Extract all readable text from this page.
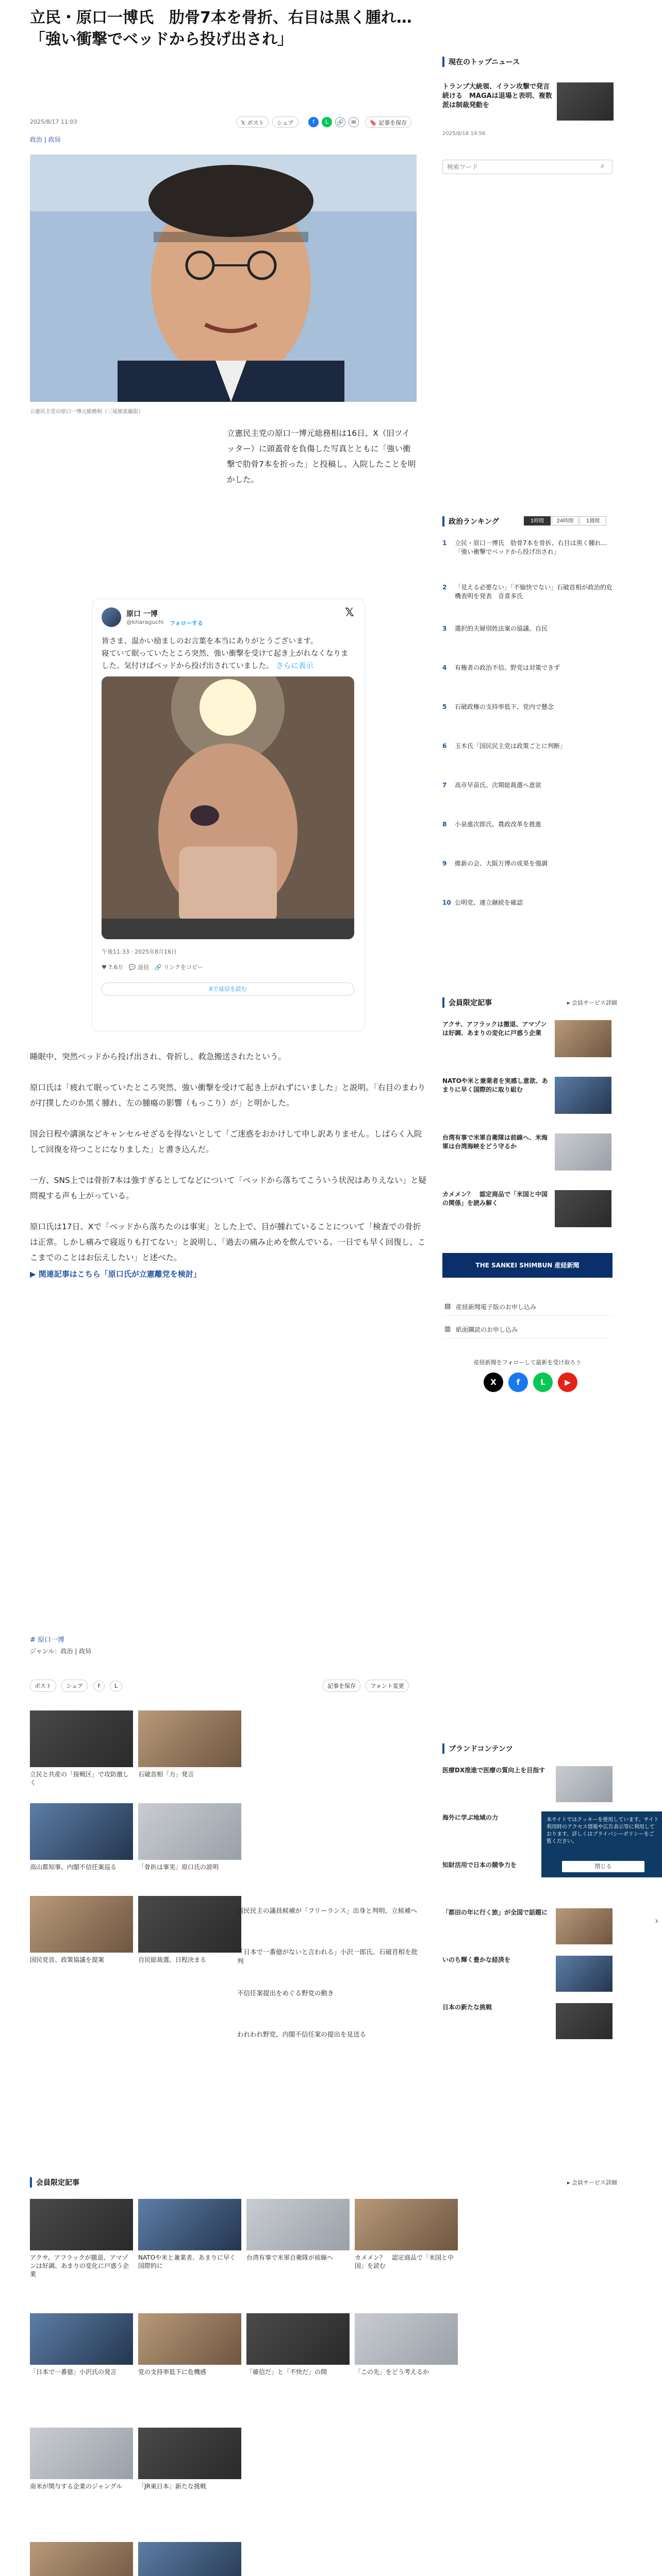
立民・原口一博氏　肋骨7本を骨折、右目は黒く腫れ…「強い衝撃でベッドから投げ出され」
2025/8/17 11:03	𝕏 ポスト	シェア	f	L	🔗	✉	🔖 記事を保存
政治 | 政局
立憲民主党の原口一博元総務相（三尾郁恵撮影）

立憲民主党の原口一博元総務相は16日、X（旧ツイッター）に頭蓋骨を負傷した写真とともに「強い衝撃で肋骨7本を折った」と投稿し、入院したことを明かした。

原口 一博
@kharaguchi フォローする
𝕏
皆さま、温かい励ましのお言葉を本当にありがとうございます。
寝ていて眠っていたところ突然、強い衝撃を受けて起き上がれなくなりました。気付けばベッドから投げ出されていました。 さらに表示
午後11:33 · 2025年8月16日
♥ 7.6万　💬 返信　🔗 リンクをコピー
Xで返信を読む

睡眠中、突然ベッドから投げ出され、骨折し、救急搬送されたという。

原口氏は「疲れて眠っていたところ突然、強い衝撃を受けて起き上がれずにいました」と説明。「右目のまわりが打撲したのか黒く腫れ、左の腫瘍の影響（もっこり）が」と明かした。

国会日程や講演などキャンセルせざるを得ないとして「ご迷惑をおかけして申し訳ありません。しばらく入院して回復を待つことになりました」と書き込んだ。

一方、SNS上では骨折7本は強すぎるとしてなどについて「ベッドから落ちてこういう状況はありえない」と疑問視する声も上がっている。

原口氏は17日、Xで「ベッドから落ちたのは事実」とした上で、目が腫れていることについて「検査での骨折は正常。しかし痛みで寝返りも打てない」と説明し、「過去の痛み止めを飲んでいる。一日でも早く回復し、ここまでのことはお伝えしたい」と述べた。

▶ 関連記事はこちら「原口氏が立憲離党を検討」
現在のトップニュース
トランプ大統領、イラン攻撃で発言続ける　MAGAは退場と表明、複数派は制裁発動を
2025/8/18 14:56
検索ワード
⌕
政治ランキング	1時間	24時間	1週間
1	立民・原口一博氏　肋骨7本を骨折、右目は黒く腫れ…「強い衝撃でベッドから投げ出され」
2	「見える必要ない」「不愉快でない」石破首相が政治的危機表明を発表　音喜多氏
3	選択的夫婦別姓法案の協議、自民
4	有権者の政治不信、野党は対策できず
5	石破政権の支持率低下、党内で懸念
6	玉木氏「国民民主党は政策ごとに判断」
7	高市早苗氏、次期総裁選へ意欲
8	小泉進次郎氏、農政改革を推進
9	維新の会、大阪万博の成果を強調
10 公明党、連立継続を確認
会員限定記事	▸ 会員サービス詳細
アクサ、アフラックは撤退、アマゾンは好調、あまりの変化に戸惑う企業
NATOや米と兼業者を実感し意欲、あまりに早く国際的に取り組む
台湾有事で米軍自衛隊は前線へ、米海軍は台湾海峡をどう守るか
カメメン？　認定商品で「米国と中国の関係」を読み解く
THE SANKEI SHIMBUN 産経新聞
▤ 産経新聞電子版のお申し込み
▥ 紙面購読のお申し込み
産経新聞をフォローして最新を受け取ろう
X	f	L	▶
# 原口一博
ジャンル：政治 | 政局
ポスト	シェア	f	L	記事を保存	フォント変更
立民と共産の「接戦区」で攻防激しく
石破首相「力」発言
高山都知事、内閣不信任案巡る	「骨折は事実」原口氏の説明
国民党首、政策協議を提案	自民総裁選、日程決まる
国民民主の議員候補が「フリーランス」出身と判明、立候補へ
「日本で一番億がないと言われる」小沢一郎氏、石破首相を批判
不信任案提出をめぐる野党の動き
われわれ野党、内閣不信任案の提出を見送る
ブランドコンテンツ
医療DX推進で医療の質向上を目指す
海外に学ぶ地域の力
知財活用で日本の競争力を
「都田の年に行く旅」が全国で話題に
いのち輝く豊かな経済を
日本の新たな挑戦
本サイトではクッキーを使用しています。サイト利用時のアクセス情報や広告表示等に利用しております。詳しくはプライバシーポリシーをご覧ください。
閉じる
›
会員限定記事	▸ 会員サービス詳細
アクサ、アフラックが撤退、アマゾンは好調、あまりの変化に戸惑う企業
NATOや米と兼業者、あまりに早く国際的に
台湾有事で米軍自衛隊が前線へ	カメメン？　認定商品で「米国と中国」を読む
「日本で一番億」小沢氏の発言	党の支持率低下に危機感	「確信だ」と「不快だ」の間	「この先」をどう考えるか
南米が関与する企業のジャングル	「JR東日本」新たな挑戦
